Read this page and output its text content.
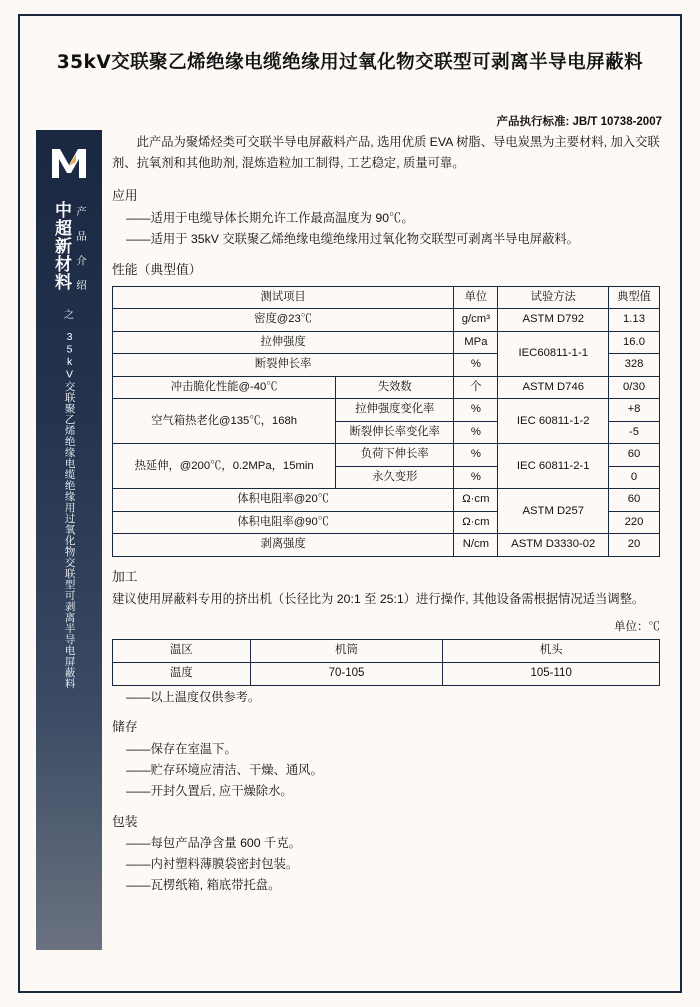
35kV交联聚乙烯绝缘电缆绝缘用过氧化物交联型可剥离半导电屏蔽料
产品执行标准: JB/T 10738-2007
中超新材料 产 品 介 绍
之
35kV交联聚乙烯绝缘电缆绝缘用过氧化物交联型可剥离半导电屏蔽料
此产品为聚烯烃类可交联半导电屏蔽料产品, 选用优质 EVA 树脂、导电炭黑为主要材料, 加入交联剂、抗氧剂和其他助剂, 混炼造粒加工制得, 工艺稳定, 质量可靠。
应用
——适用于电缆导体长期允许工作最高温度为 90℃。
——适用于 35kV 交联聚乙烯绝缘电缆绝缘用过氧化物交联型可剥离半导电屏蔽料。
性能（典型值）
测试项目		单位	试验方法	典型值
密度@23℃		g/cm³	ASTM D792	1.13
拉伸强度		MPa	IEC60811-1-1	16.0
断裂伸长率		%		328
冲击脆化性能@-40℃	失效数	个	ASTM D746	0/30
空气箱热老化@135℃，168h	拉伸强度变化率	%	IEC 60811-1-2	+8
	断裂伸长率变化率	%		-5
热延伸，@200℃，0.2MPa，15min	负荷下伸长率	%	IEC 60811-2-1	60
	永久变形	%		0
体积电阻率@20℃		Ω·cm	ASTM D257	60
体积电阻率@90℃		Ω·cm		220
剥离强度		N/cm	ASTM D3330-02	20
加工
建议使用屏蔽料专用的挤出机（长径比为 20:1 至 25:1）进行操作, 其他设备需根据情况适当调整。
单位：℃
温区	机筒	机头
温度	70-105	105-110
——以上温度仅供参考。
储存
——保存在室温下。
——贮存环境应清洁、干燥、通风。
——开封久置后, 应干燥除水。
包装
——每包产品净含量 600 千克。
——内衬塑料薄膜袋密封包装。
——瓦楞纸箱, 箱底带托盘。
